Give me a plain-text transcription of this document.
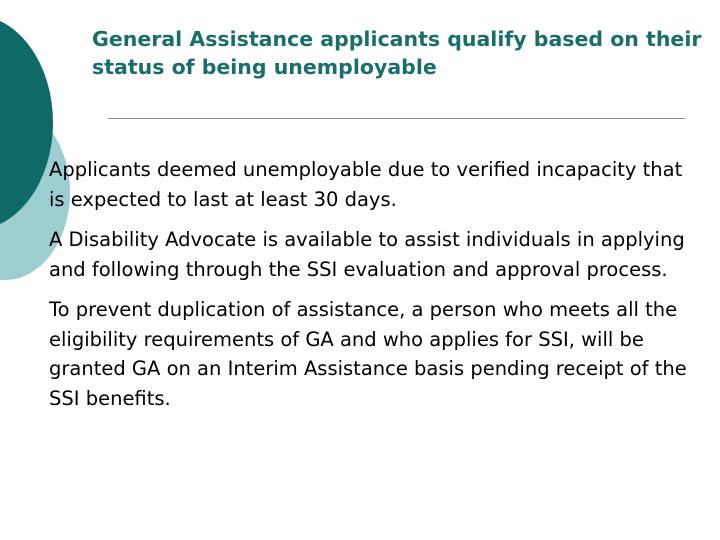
General Assistance applicants qualify based on their status of being unemployable

Applicants deemed unemployable due to verified incapacity that is expected to last at least 30 days.

A Disability Advocate is available to assist individuals in applying and following through the SSI evaluation and approval process.

To prevent duplication of assistance, a person who meets all the eligibility requirements of GA and who applies for SSI, will be granted GA on an Interim Assistance basis pending receipt of the SSI benefits.
